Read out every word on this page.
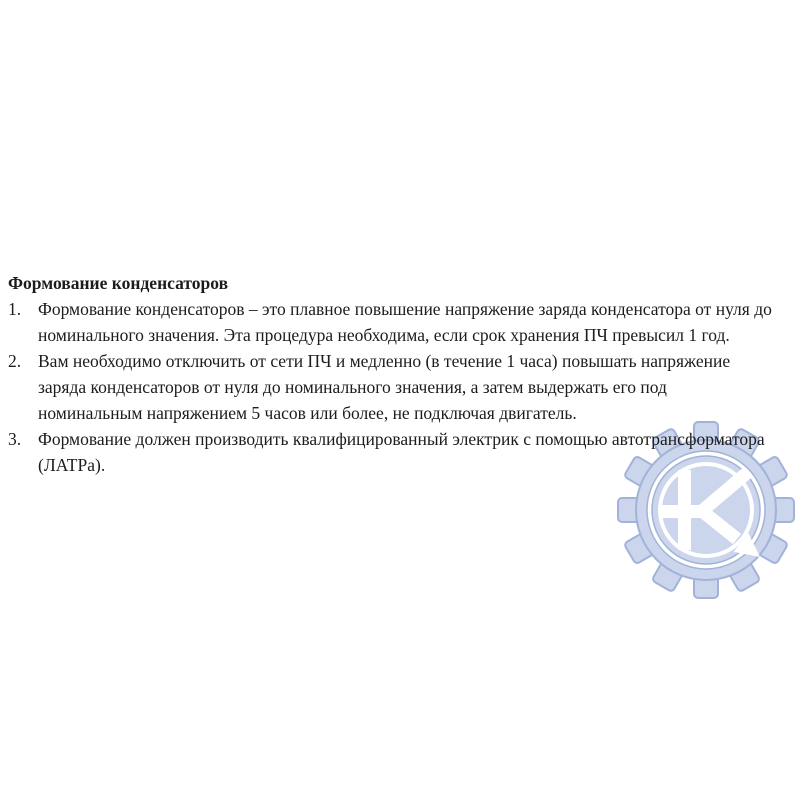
Формование конденсаторов
1. Формование конденсаторов – это плавное повышение напряжение заряда конденсатора от нуля до номинального значения. Эта процедура необходима, если срок хранения ПЧ превысил 1 год.
2. Вам необходимо отключить от сети ПЧ и медленно (в течение 1 часа) повышать напряжение заряда конденсаторов от нуля до номинального значения, а затем выдержать его под номинальным напряжением 5 часов или более, не подключая двигатель.
3. Формование должен производить квалифицированный электрик с помощью автотрансформатора (ЛАТРа).
